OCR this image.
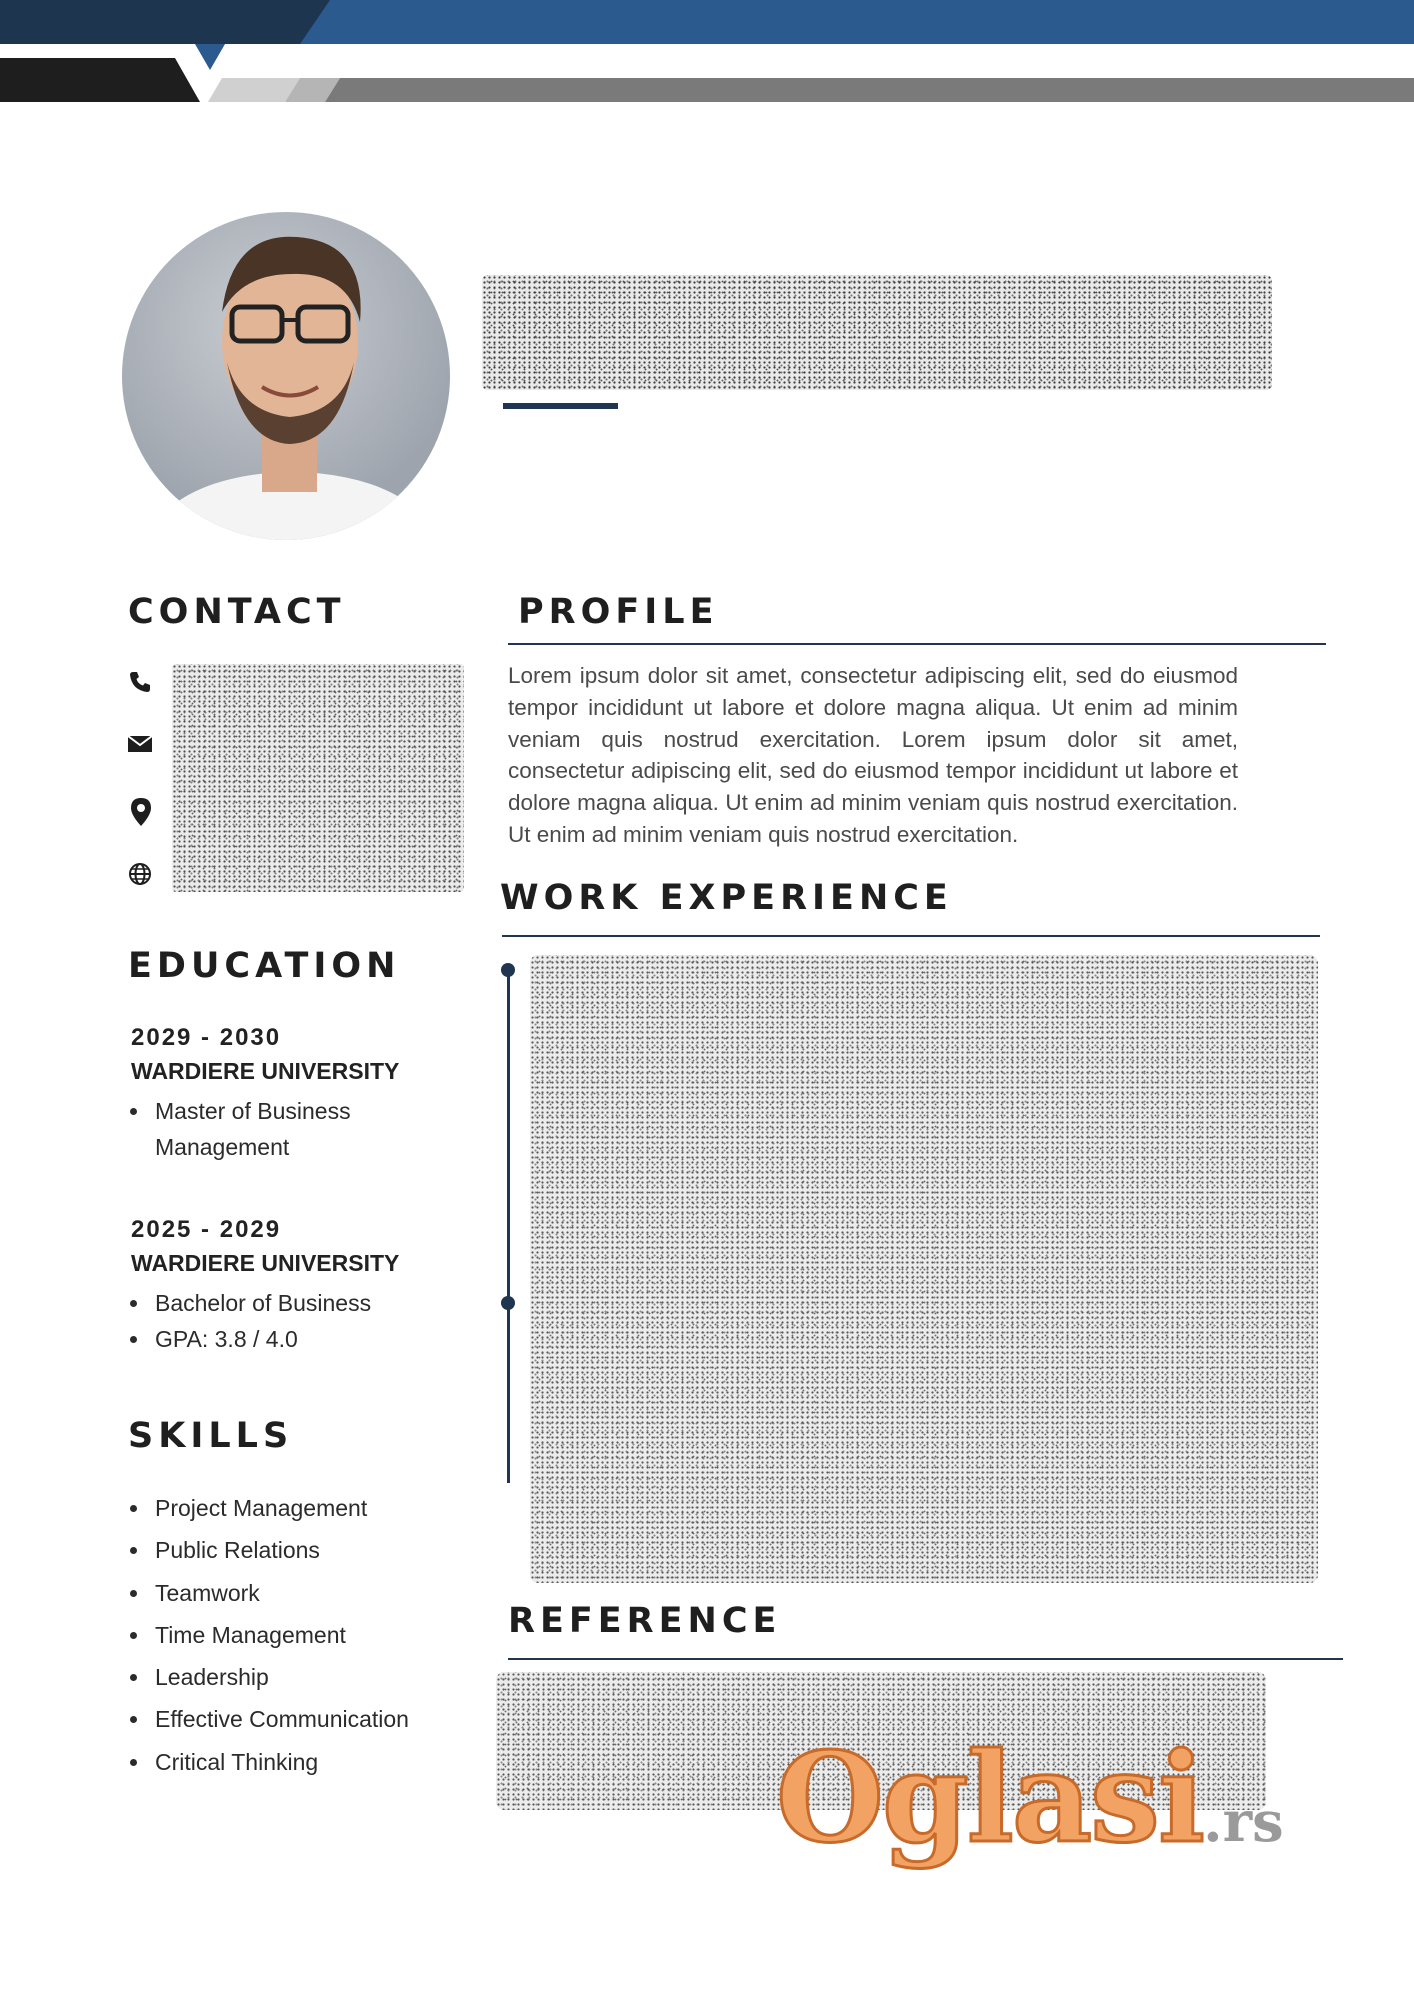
CONTACT
EDUCATION
2029 - 2030
WARDIERE UNIVERSITY
• Master of Business Management
2025 - 2029
WARDIERE UNIVERSITY
• Bachelor of Business
• GPA: 3.8 / 4.0
SKILLS
• Project Management
• Public Relations
• Teamwork
• Time Management
• Leadership
• Effective Communication
• Critical Thinking
PROFILE
Lorem ipsum dolor sit amet, consectetur adipiscing elit, sed do eiusmod tempor incididunt ut labore et dolore magna aliqua. Ut enim ad minim veniam quis nostrud exercitation. Lorem ipsum dolor sit amet, consectetur adipiscing elit, sed do eiusmod tempor incididunt ut labore et dolore magna aliqua. Ut enim ad minim veniam quis nostrud exercitation. Ut enim ad minim veniam quis nostrud exercitation.
WORK EXPERIENCE
REFERENCE
Oglasi.rs
